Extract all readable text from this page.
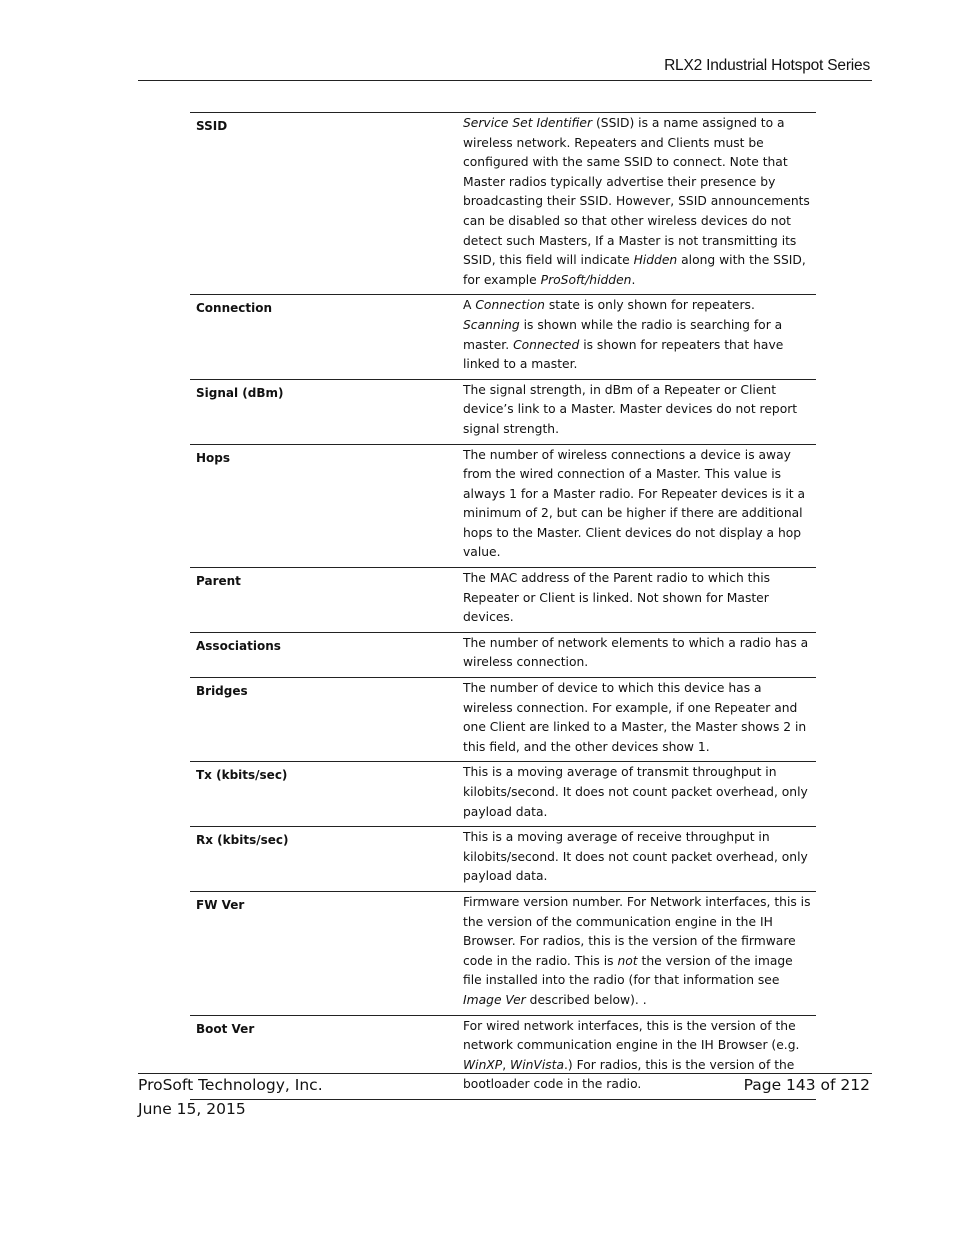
RLX2 Industrial Hotspot Series
SSID	Service Set Identifier (SSID) is a name assigned to a wireless network. Repeaters and Clients must be configured with the same SSID to connect. Note that Master radios typically advertise their presence by broadcasting their SSID. However, SSID announcements can be disabled so that other wireless devices do not detect such Masters, If a Master is not transmitting its SSID, this field will indicate Hidden along with the SSID, for example ProSoft/hidden.
Connection	A Connection state is only shown for repeaters. Scanning is shown while the radio is searching for a master. Connected is shown for repeaters that have linked to a master.
Signal (dBm)	The signal strength, in dBm of a Repeater or Client device’s link to a Master. Master devices do not report signal strength.
Hops	The number of wireless connections a device is away from the wired connection of a Master. This value is always 1 for a Master radio. For Repeater devices is it a minimum of 2, but can be higher if there are additional hops to the Master. Client devices do not display a hop value.
Parent	The MAC address of the Parent radio to which this Repeater or Client is linked. Not shown for Master devices.
Associations	The number of network elements to which a radio has a wireless connection.
Bridges	The number of device to which this device has a wireless connection. For example, if one Repeater and one Client are linked to a Master, the Master shows 2 in this field, and the other devices show 1.
Tx (kbits/sec)	This is a moving average of transmit throughput in kilobits/second. It does not count packet overhead, only payload data.
Rx (kbits/sec)	This is a moving average of receive throughput in kilobits/second. It does not count packet overhead, only payload data.
FW Ver	Firmware version number. For Network interfaces, this is the version of the communication engine in the IH Browser. For radios, this is the version of the firmware code in the radio. This is not the version of the image file installed into the radio (for that information see Image Ver described below). .
Boot Ver	For wired network interfaces, this is the version of the network communication engine in the IH Browser (e.g. WinXP, WinVista.) For radios, this is the version of the bootloader code in the radio.
ProSoft Technology, Inc.
June 15, 2015
Page 143 of 212
